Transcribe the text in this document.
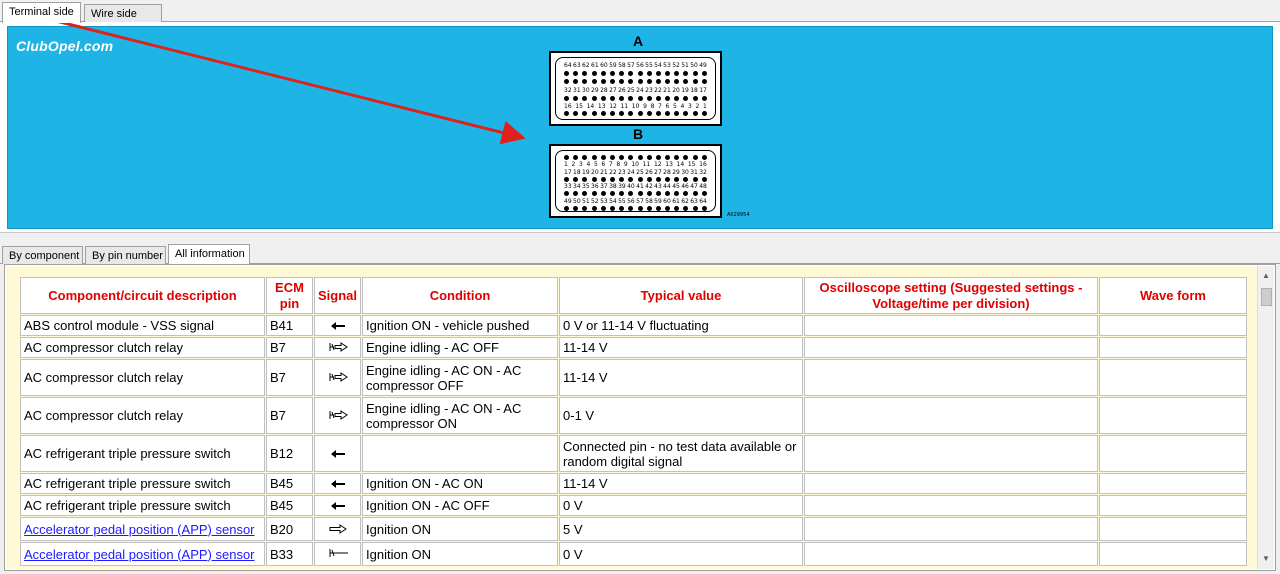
Terminal side	Wire side
ClubOpel.com	A
64 63 62 61 60 59 58 57 56 55 54 53 52 51 50 49
32 31 30 29 28 27 26 25 24 23 22 21 20 19 18 17
16 15 14 13 12 11 10 9 8 7 6 5 4 3 2 1
B
1 2 3 4 5 6 7 8 9 10 11 12 13 14 15 16
17 18 19 20 21 22 23 24 25 26 27 28 29 30 31 32
33 34 35 36 37 38 39 40 41 42 43 44 45 46 47 48
49 50 51 52 53 54 55 56 57 58 59 60 61 62 63 64
A029954
By component	By pin number	All information
Component/circuit description	ECM pin	Signal	Condition	Typical value	Oscilloscope setting (Suggested settings - Voltage/time per division)	Wave form
ABS control module - VSS signal	B41		Ignition ON - vehicle pushed	0 V or 11-14 V fluctuating		
AC compressor clutch relay	B7		Engine idling - AC OFF	11-14 V		
AC compressor clutch relay	B7		Engine idling - AC ON - AC compressor OFF	11-14 V		
AC compressor clutch relay	B7		Engine idling - AC ON - AC compressor ON	0-1 V		
AC refrigerant triple pressure switch	B12			Connected pin - no test data available or random digital signal		
AC refrigerant triple pressure switch	B45		Ignition ON - AC ON	11-14 V		
AC refrigerant triple pressure switch	B45		Ignition ON - AC OFF	0 V		
Accelerator pedal position (APP) sensor	B20		Ignition ON	5 V		
Accelerator pedal position (APP) sensor	B33		Ignition ON	0 V		
▲
▼
